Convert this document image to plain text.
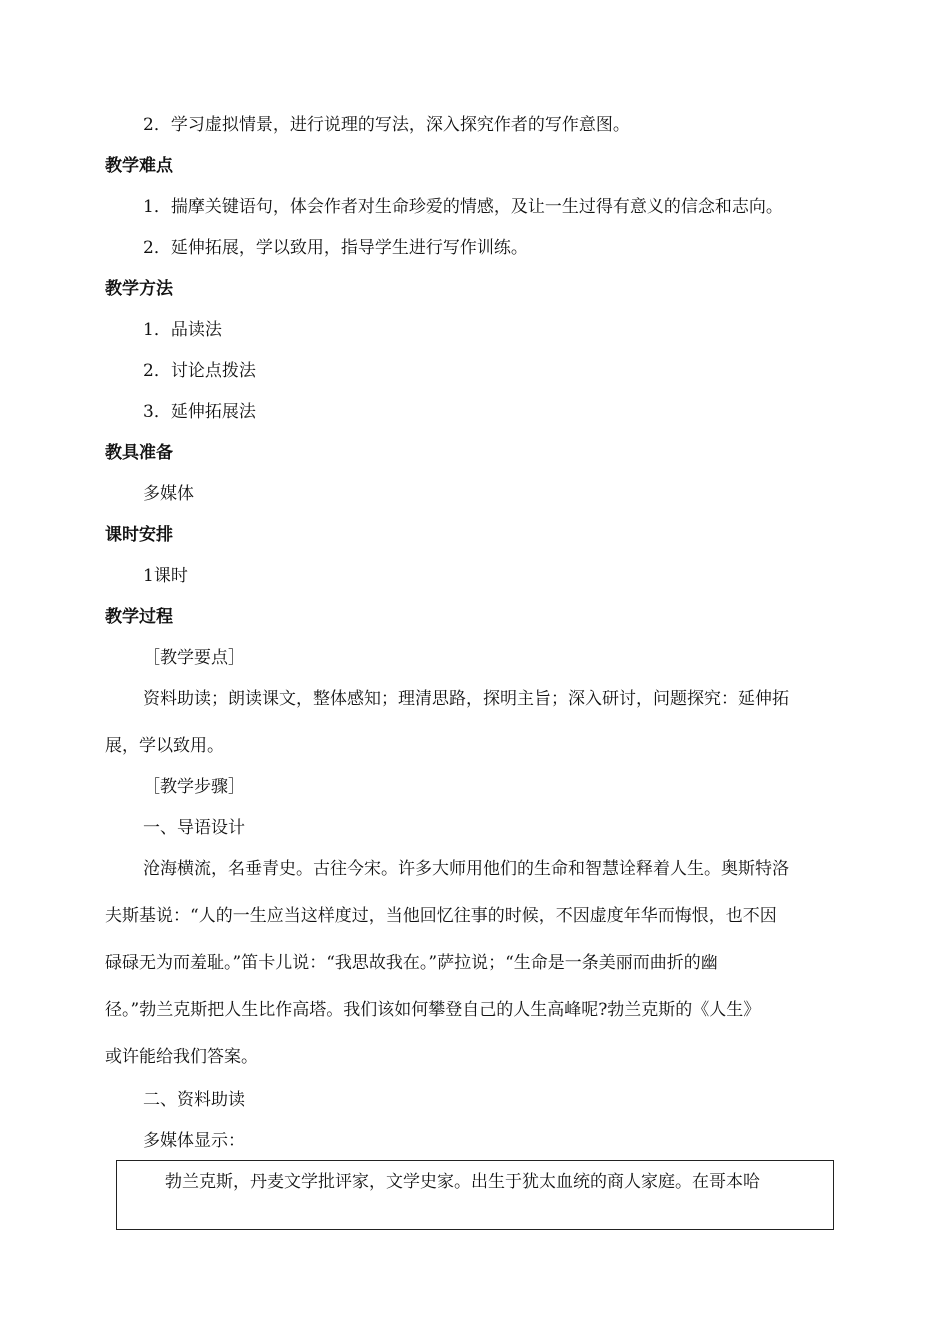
2．学习虚拟情景，进行说理的写法，深入探究作者的写作意图。
教学难点
1．揣摩关键语句，体会作者对生命珍爱的情感，及让一生过得有意义的信念和志向。
2．延伸拓展，学以致用，指导学生进行写作训练。
教学方法
1．品读法
2．讨论点拨法
3．延伸拓展法
教具准备
多媒体
课时安排
1课时
教学过程
［教学要点］
资料助读；朗读课文，整体感知；理清思路，探明主旨；深入研讨，问题探究：延伸拓
展，学以致用。
［教学步骤］
一、导语设计
沧海横流，名垂青史。古往今宋。许多大师用他们的生命和智慧诠释着人生。奥斯特洛
夫斯基说：“人的一生应当这样度过，当他回忆往事的时候，不因虚度年华而悔恨，也不因
碌碌无为而羞耻。”笛卡儿说：“我思故我在。”萨拉说；“生命是一条美丽而曲折的幽
径。”勃兰克斯把人生比作高塔。我们该如何攀登自己的人生高峰呢?勃兰克斯的《人生》
或许能给我们答案。
二、资料助读
多媒体显示：
勃兰克斯，丹麦文学批评家，文学史家。出生于犹太血统的商人家庭。在哥本哈
